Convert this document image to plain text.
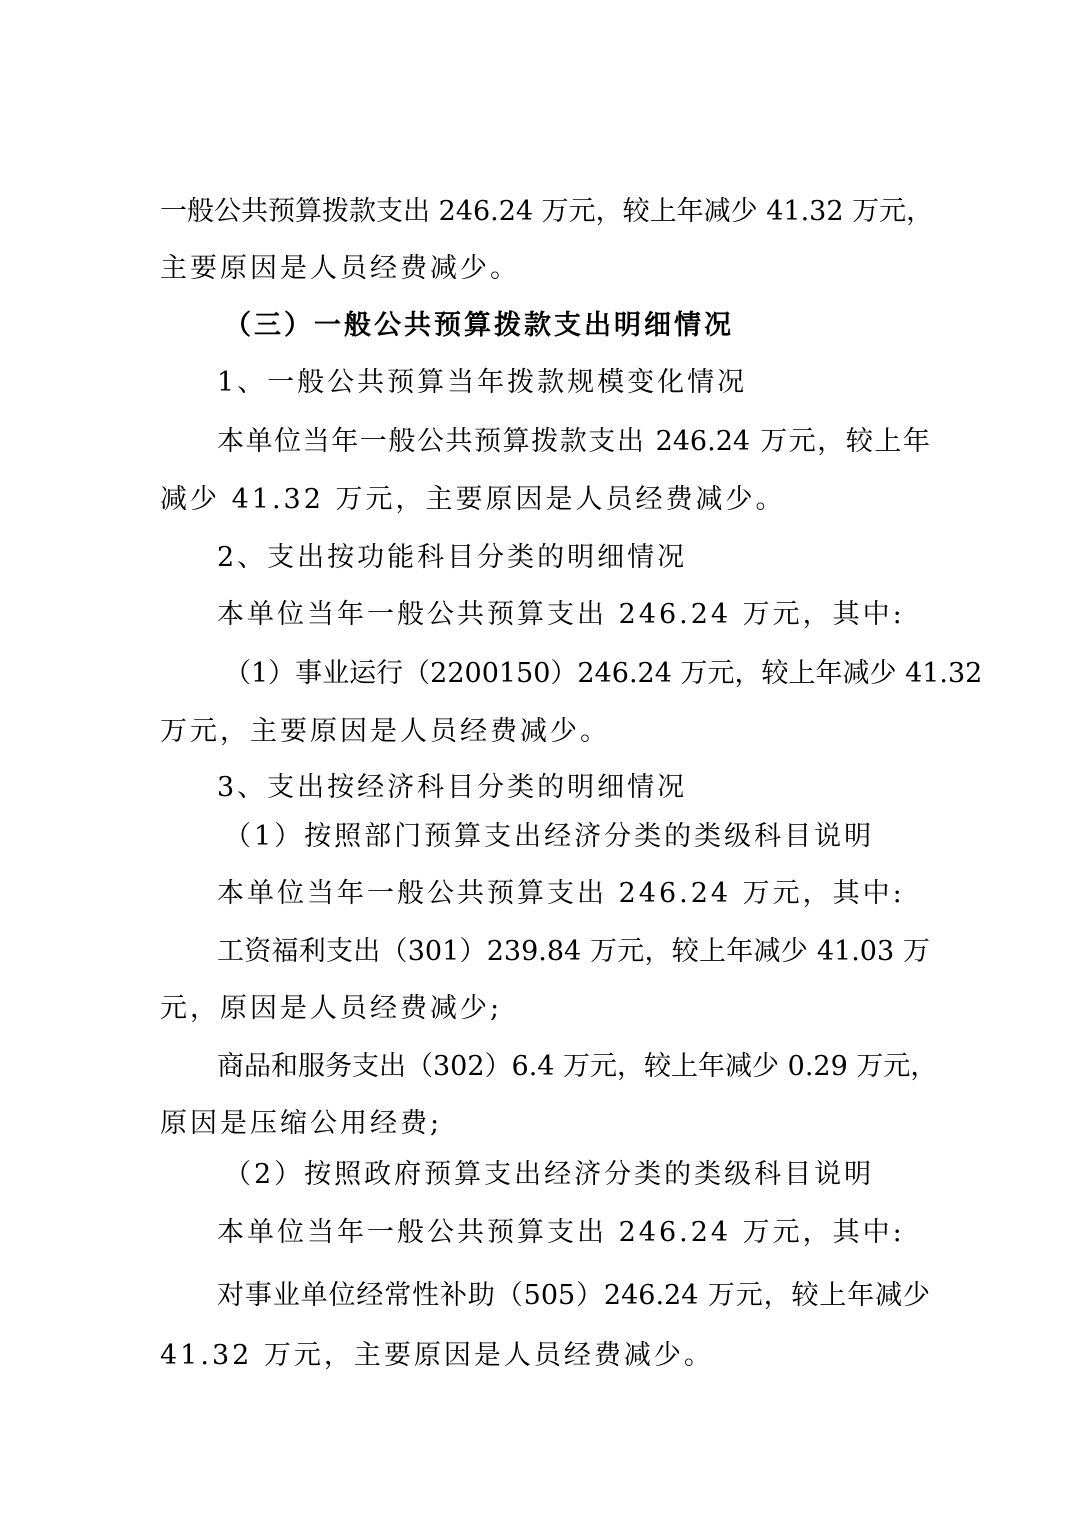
一般公共预算拨款支出 246.24 万元，较上年减少 41.32 万元，
主要原因是人员经费减少。
（三）一般公共预算拨款支出明细情况
1、一般公共预算当年拨款规模变化情况
本单位当年一般公共预算拨款支出 246.24 万元，较上年
减少 41.32 万元，主要原因是人员经费减少。
2、支出按功能科目分类的明细情况
本单位当年一般公共预算支出 246.24 万元，其中:
（1）事业运行（2200150）246.24 万元，较上年减少 41.32
万元，主要原因是人员经费减少。
3、支出按经济科目分类的明细情况
（1）按照部门预算支出经济分类的类级科目说明
本单位当年一般公共预算支出 246.24 万元，其中:
工资福利支出（301）239.84 万元，较上年减少 41.03 万
元，原因是人员经费减少;
商品和服务支出（302）6.4 万元，较上年减少 0.29 万元，
原因是压缩公用经费;
（2）按照政府预算支出经济分类的类级科目说明
本单位当年一般公共预算支出 246.24 万元，其中:
对事业单位经常性补助（505）246.24 万元，较上年减少
41.32 万元，主要原因是人员经费减少。
